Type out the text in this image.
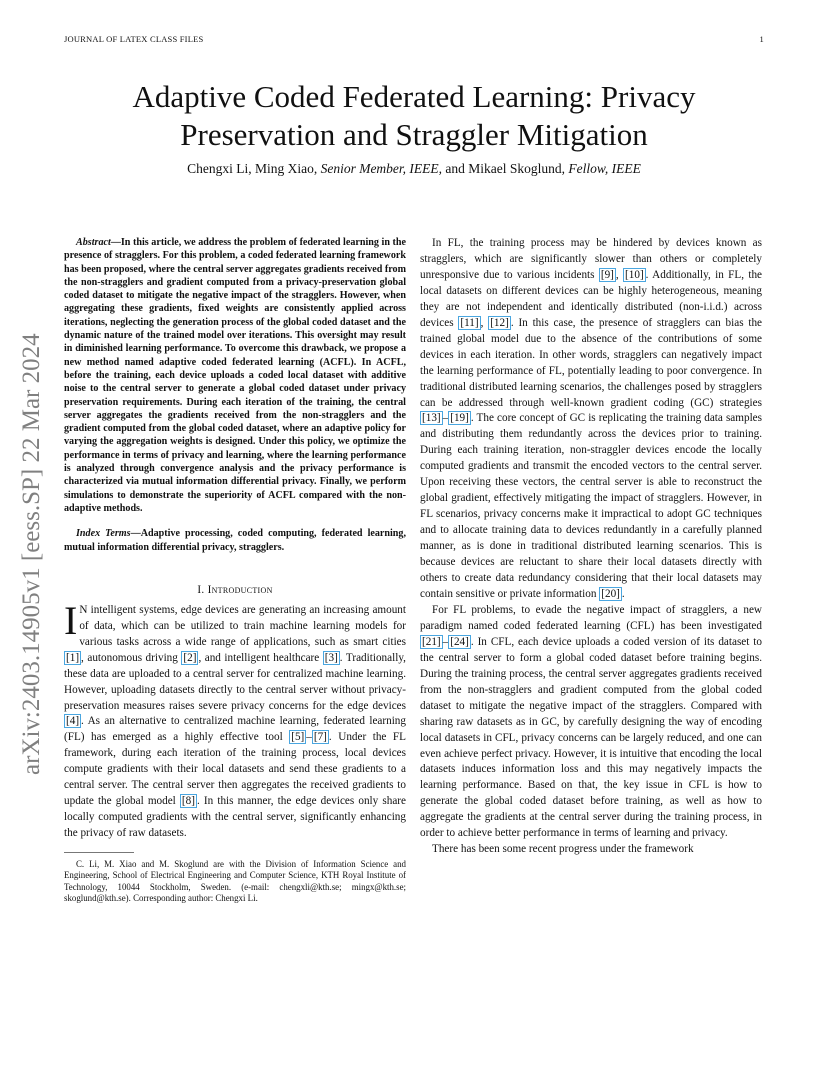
JOURNAL OF LATEX CLASS FILES	1
arXiv:2403.14905v1 [eess.SP] 22 Mar 2024
Adaptive Coded Federated Learning: Privacy
Preservation and Straggler Mitigation
Chengxi Li, Ming Xiao, Senior Member, IEEE, and Mikael Skoglund, Fellow, IEEE

Abstract—In this article, we address the problem of federated learning in the presence of stragglers. For this problem, a coded federated learning framework has been proposed, where the central server aggregates gradients received from the non-stragglers and gradient computed from a privacy-preservation global coded dataset to mitigate the negative impact of the stragglers. However, when aggregating these gradients, fixed weights are consistently applied across iterations, neglecting the generation process of the global coded dataset and the dynamic nature of the trained model over iterations. This oversight may result in diminished learning performance. To overcome this drawback, we propose a new method named adaptive coded federated learning (ACFL). In ACFL, before the training, each device uploads a coded local dataset with additive noise to the central server to generate a global coded dataset under privacy preservation requirements. During each iteration of the training, the central server aggregates the gradients received from the non-stragglers and the gradient computed from the global coded dataset, where an adaptive policy for varying the aggregation weights is designed. Under this policy, we optimize the performance in terms of privacy and learning, where the learning performance is analyzed through convergence analysis and the privacy performance is characterized via mutual information differential privacy. Finally, we perform simulations to demonstrate the superiority of ACFL compared with the non-adaptive methods.

Index Terms—Adaptive processing, coded computing, federated learning, mutual information differential privacy, stragglers.

I. Introduction

I N intelligent systems, edge devices are generating an increasing amount of data, which can be utilized to train machine learning models for various tasks across a wide range of applications, such as smart cities [1] , autonomous driving [2] , and intelligent healthcare [3] . Traditionally, these data are uploaded to a central server for centralized machine learning. However, uploading datasets directly to the central server without privacy-preservation measures raises severe privacy concerns for the edge devices [4] . As an alternative to centralized machine learning, federated learning (FL) has emerged as a highly effective tool [5] – [7] . Under the FL framework, during each iteration of the training process, local devices compute gradients with their local datasets and send these gradients to a central server. The central server then aggregates the received gradients to update the global model [8] . In this manner, the edge devices only share locally computed gradients with the central server, significantly enhancing the privacy of raw datasets.

C. Li, M. Xiao and M. Skoglund are with the Division of Information Science and Engineering, School of Electrical Engineering and Computer Science, KTH Royal Institute of Technology, 10044 Stockholm, Sweden. (e-mail: chengxli@kth.se; mingx@kth.se; skoglund@kth.se). Corresponding author: Chengxi Li.

In FL, the training process may be hindered by devices known as stragglers, which are significantly slower than others or completely unresponsive due to various incidents [9] , [10] . Additionally, in FL, the local datasets on different devices can be highly heterogeneous, meaning they are not independent and identically distributed (non-i.i.d.) across devices [11] , [12] . In this case, the presence of stragglers can bias the trained global model due to the absence of the contributions of some devices in each iteration. In other words, stragglers can negatively impact the learning performance of FL, potentially leading to poor convergence. In traditional distributed learning scenarios, the challenges posed by stragglers can be addressed through well-known gradient coding (GC) strategies [13] – [19] . The core concept of GC is replicating the training data samples and distributing them redundantly across the devices prior to training. During each training iteration, non-straggler devices encode the locally computed gradients and transmit the encoded vectors to the central server. Upon receiving these vectors, the central server is able to reconstruct the global gradient, effectively mitigating the impact of stragglers. However, in FL scenarios, privacy concerns make it impractical to adopt GC techniques and to allocate training data to devices redundantly in a carefully planned manner, as is done in traditional distributed learning scenarios. This is because devices are reluctant to share their local datasets directly with others to create data redundancy considering that their local datasets may contain sensitive or private information [20] .

For FL problems, to evade the negative impact of stragglers, a new paradigm named coded federated learning (CFL) has been investigated [21] – [24] . In CFL, each device uploads a coded version of its dataset to the central server to form a global coded dataset before training begins. During the training process, the central server aggregates gradients received from the non-stragglers and gradient computed from the global coded dataset to mitigate the negative impact of the stragglers. Compared with sharing raw datasets as in GC, by carefully designing the way of encoding local datasets in CFL, privacy concerns can be largely reduced, and one can even achieve perfect privacy. However, it is intuitive that encoding the local datasets induces information loss and this may negatively impacts the learning performance. Based on that, the key issue in CFL is how to generate the global coded dataset before training, as well as how to aggregate the gradients at the central server during the training process, in order to achieve better performance in terms of learning and privacy.

There has been some recent progress under the framework
